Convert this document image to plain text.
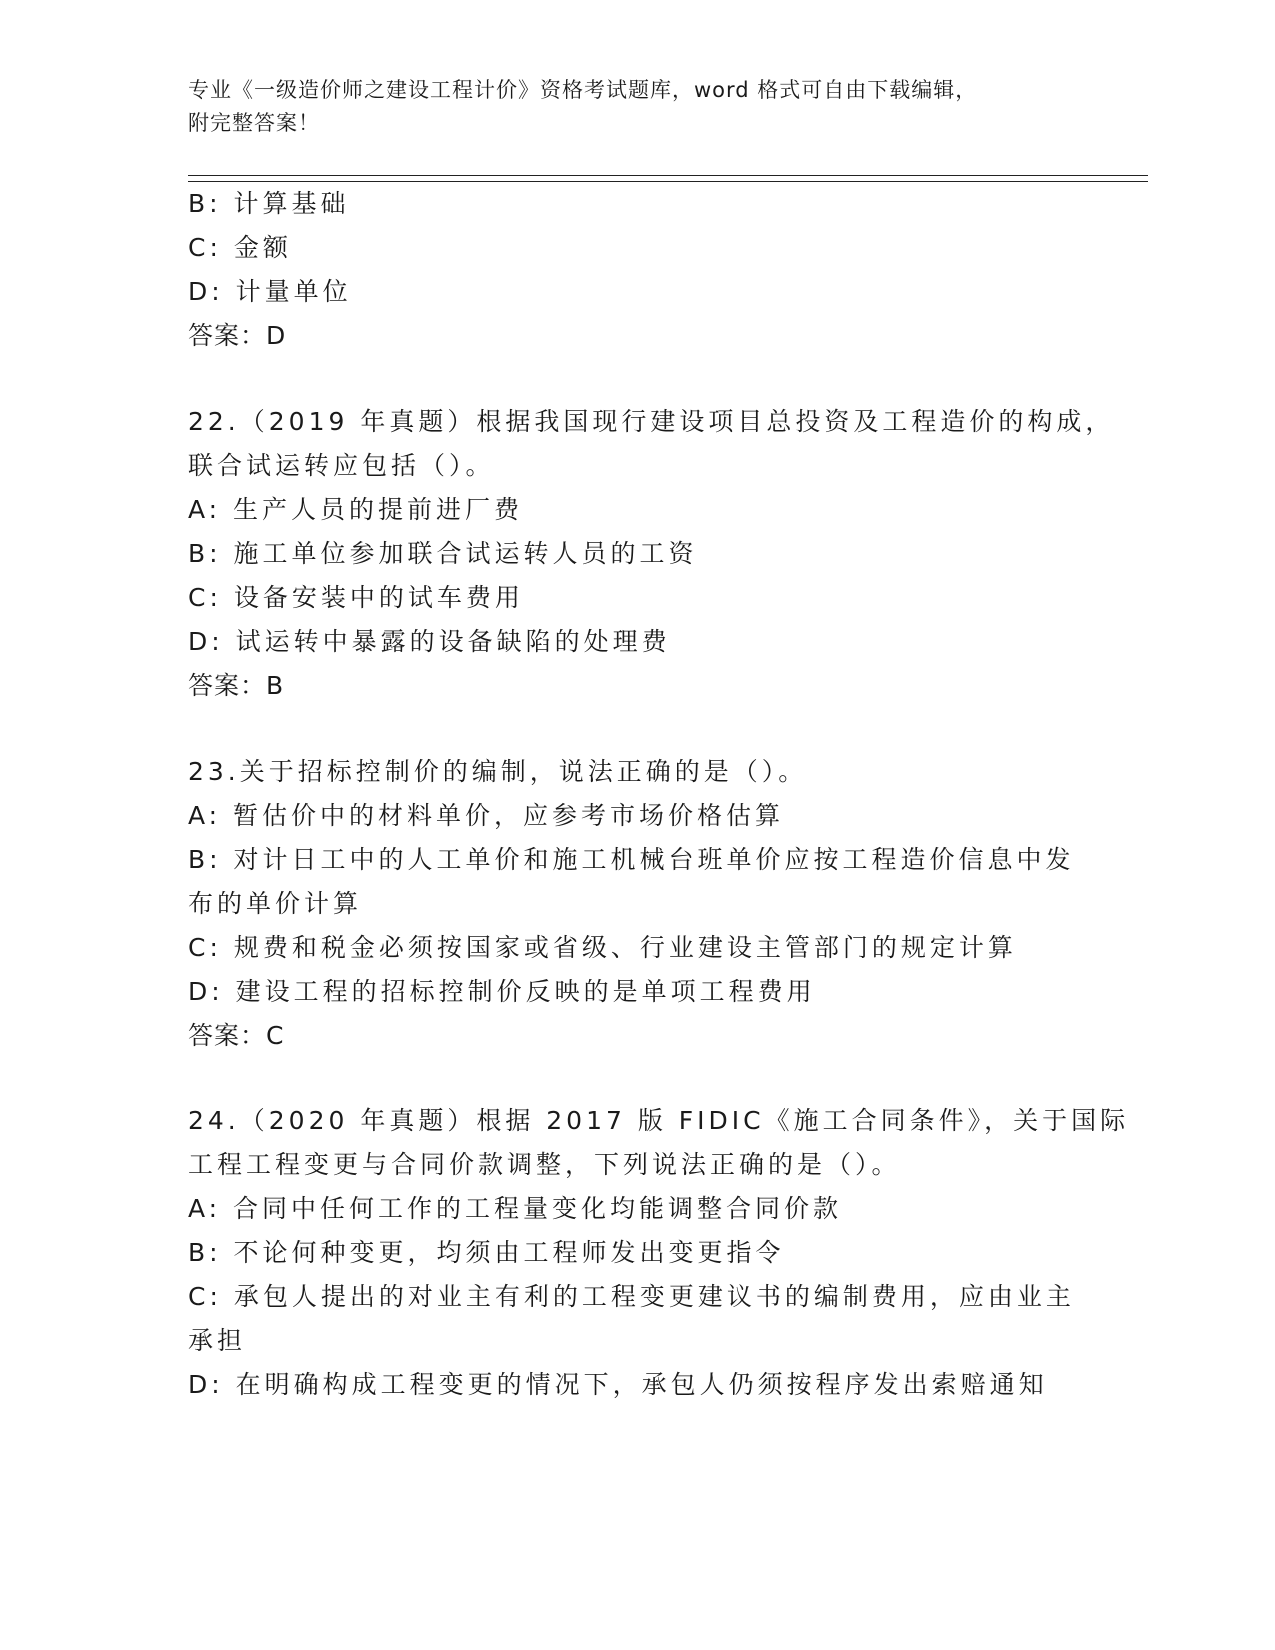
专业《一级造价师之建设工程计价》资格考试题库，word 格式可自由下载编辑，
附完整答案！
B: 计算基础
C: 金额
D: 计量单位
答案：D
22.（2019 年真题）根据我国现行建设项目总投资及工程造价的构成，
联合试运转应包括（）。
A: 生产人员的提前进厂费
B: 施工单位参加联合试运转人员的工资
C: 设备安装中的试车费用
D: 试运转中暴露的设备缺陷的处理费
答案：B
23.关于招标控制价的编制，说法正确的是（）。
A: 暂估价中的材料单价，应参考市场价格估算
B: 对计日工中的人工单价和施工机械台班单价应按工程造价信息中发
布的单价计算
C: 规费和税金必须按国家或省级、行业建设主管部门的规定计算
D: 建设工程的招标控制价反映的是单项工程费用
答案：C
24.（2020 年真题）根据 2017 版 FIDIC《施工合同条件》，关于国际
工程工程变更与合同价款调整，下列说法正确的是（）。
A: 合同中任何工作的工程量变化均能调整合同价款
B: 不论何种变更，均须由工程师发出变更指令
C: 承包人提出的对业主有利的工程变更建议书的编制费用，应由业主
承担
D: 在明确构成工程变更的情况下，承包人仍须按程序发出索赔通知
